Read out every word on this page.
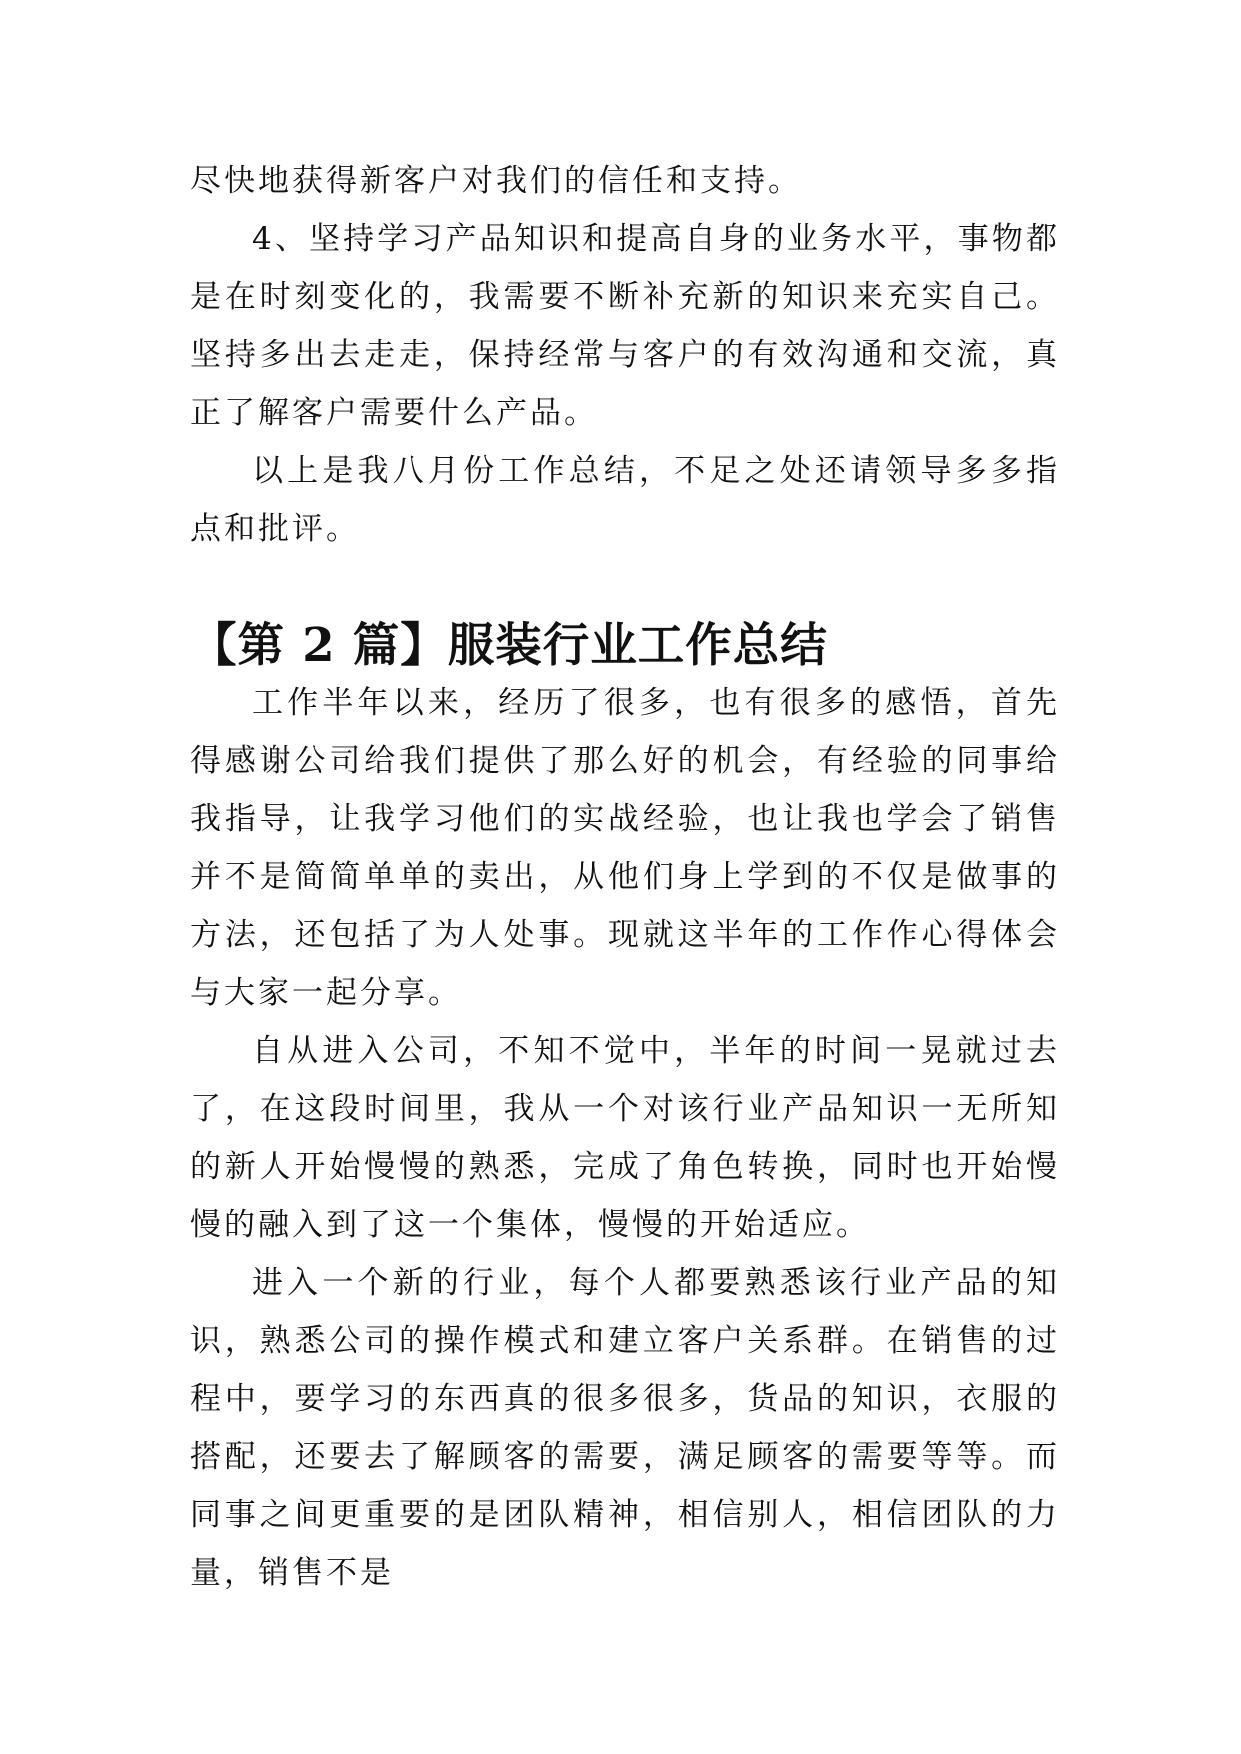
尽快地获得新客户对我们的信任和支持。

4、坚持学习产品知识和提高自身的业务水平，事物都是在时刻变化的，我需要不断补充新的知识来充实自己。坚持多出去走走，保持经常与客户的有效沟通和交流，真正了解客户需要什么产品。

以上是我八月份工作总结，不足之处还请领导多多指点和批评。

【第 2 篇】服装行业工作总结

工作半年以来，经历了很多，也有很多的感悟，首先得感谢公司给我们提供了那么好的机会，有经验的同事给我指导，让我学习他们的实战经验，也让我也学会了销售并不是简简单单的卖出，从他们身上学到的不仅是做事的方法，还包括了为人处事。现就这半年的工作作心得体会与大家一起分享。

自从进入公司，不知不觉中，半年的时间一晃就过去了，在这段时间里，我从一个对该行业产品知识一无所知的新人开始慢慢的熟悉，完成了角色转换，同时也开始慢慢的融入到了这一个集体，慢慢的开始适应。

进入一个新的行业，每个人都要熟悉该行业产品的知识，熟悉公司的操作模式和建立客户关系群。在销售的过程中，要学习的东西真的很多很多，货品的知识，衣服的搭配，还要去了解顾客的需要，满足顾客的需要等等。而同事之间更重要的是团队精神，相信别人，相信团队的力量，销售不是
